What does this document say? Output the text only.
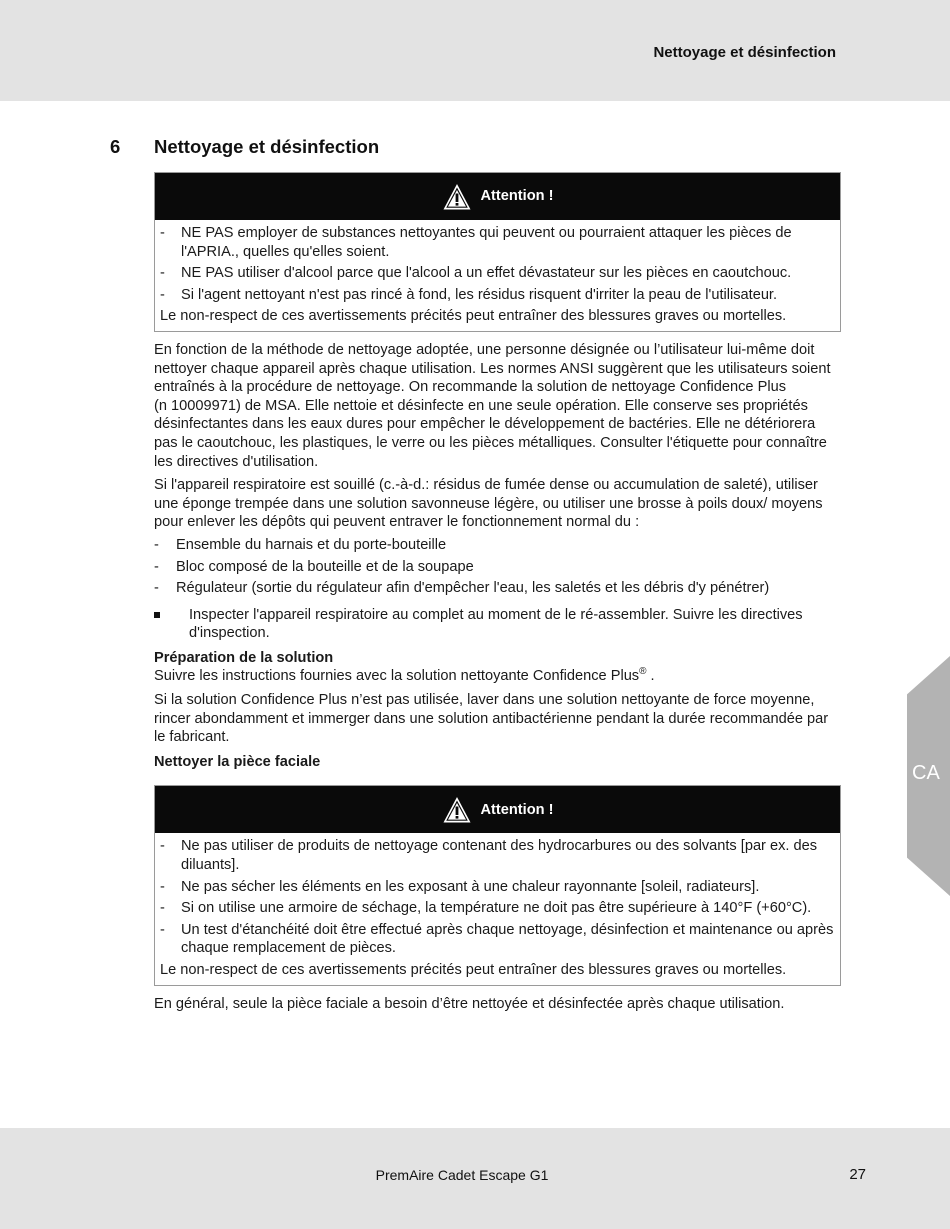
Nettoyage et désinfection
CA
6 Nettoyage et désinfection
Attention !
- NE PAS employer de substances nettoyantes qui peuvent ou pourraient attaquer les pièces de l'APRIA., quelles qu'elles soient.
- NE PAS utiliser d'alcool parce que l'alcool a un effet dévastateur sur les pièces en caoutchouc.
- Si l'agent nettoyant n'est pas rincé à fond, les résidus risquent d'irriter la peau de l'utilisateur.
Le non-respect de ces avertissements précités peut entraîner des blessures graves ou mortelles.

En fonction de la méthode de nettoyage adoptée, une personne désignée ou l’utilisateur lui-même doit nettoyer chaque appareil après chaque utilisation. Les normes ANSI suggèrent que les utilisateurs soient entraînés à la procédure de nettoyage. On recommande la solution de nettoyage Confidence Plus
(n 10009971) de MSA. Elle nettoie et désinfecte en une seule opération. Elle conserve ses propriétés désinfectantes dans les eaux dures pour empêcher le développement de bactéries. Elle ne détériorera pas le caoutchouc, les plastiques, le verre ou les pièces métalliques. Consulter l'étiquette pour connaître les directives d'utilisation.

Si l'appareil respiratoire est souillé (c.-à-d.: résidus de fumée dense ou accumulation de saleté), utiliser une éponge trempée dans une solution savonneuse légère, ou utiliser une brosse à poils doux/ moyens pour enlever les dépôts qui peuvent entraver le fonctionnement normal du :

- Ensemble du harnais et du porte-bouteille
- Bloc composé de la bouteille et de la soupape
- Régulateur (sortie du régulateur afin d'empêcher l'eau, les saletés et les débris d'y pénétrer)
Inspecter l'appareil respiratoire au complet au moment de le ré-assembler. Suivre les directives d'inspection.
Préparation de la solution

Suivre les instructions fournies avec la solution nettoyante Confidence Plus® .

Si la solution Confidence Plus n’est pas utilisée, laver dans une solution nettoyante de force moyenne, rincer abondamment et immerger dans une solution antibactérienne pendant la durée recommandée par le fabricant.

Nettoyer la pièce faciale
Attention !
- Ne pas utiliser de produits de nettoyage contenant des hydrocarbures ou des solvants [par ex. des diluants].
- Ne pas sécher les éléments en les exposant à une chaleur rayonnante [soleil, radiateurs].
- Si on utilise une armoire de séchage, la température ne doit pas être supérieure à 140°F (+60°C).
- Un test d'étanchéité doit être effectué après chaque nettoyage, désinfection et maintenance ou après chaque remplacement de pièces.
Le non-respect de ces avertissements précités peut entraîner des blessures graves ou mortelles.

En général, seule la pièce faciale a besoin d’être nettoyée et désinfectée après chaque utilisation.

PremAire Cadet Escape G1	27
